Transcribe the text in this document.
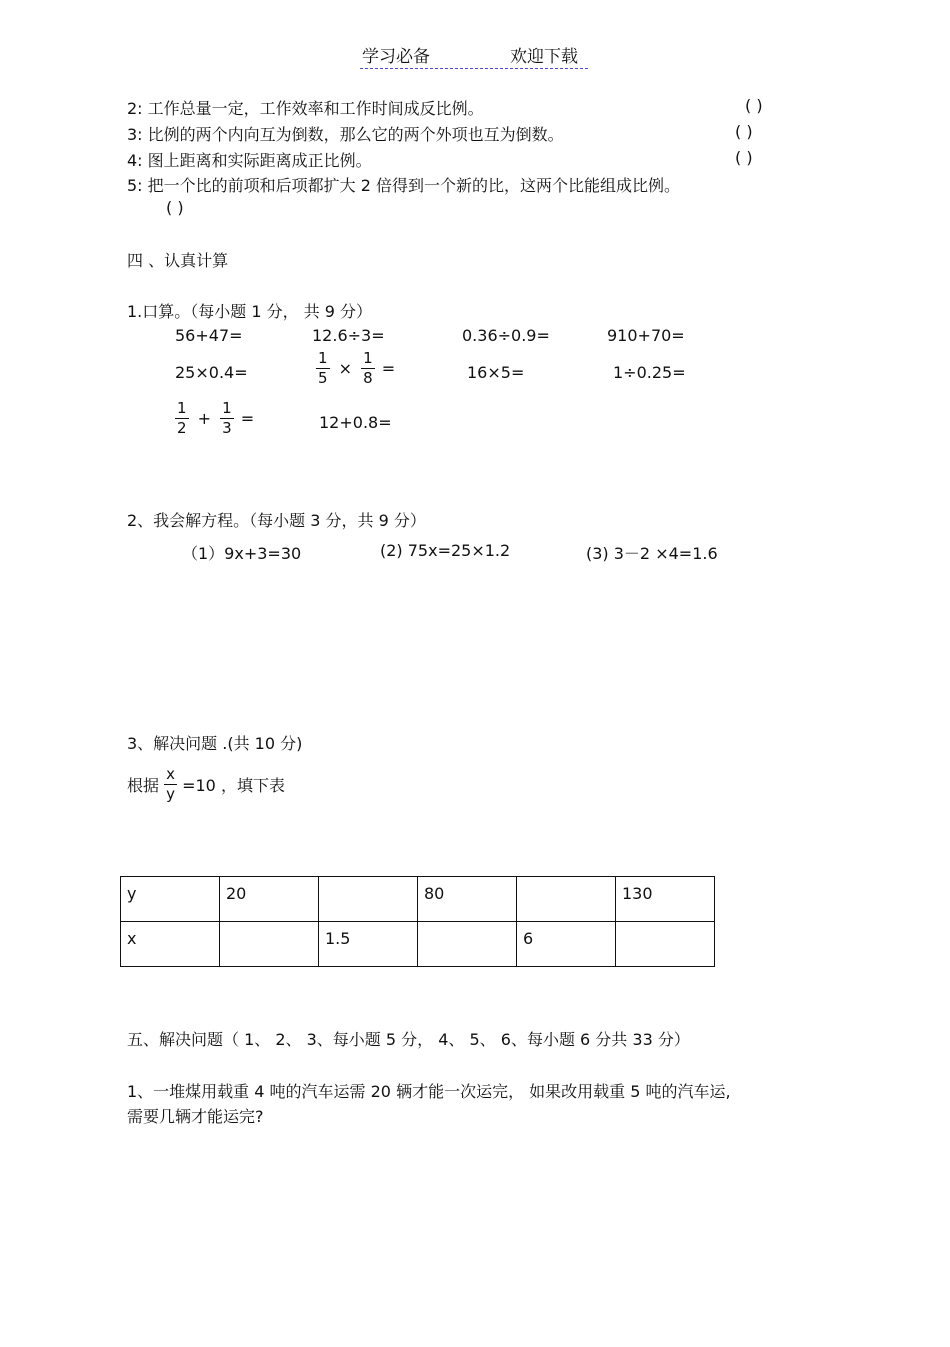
学习必备	欢迎下载
2: 工作总量一定，工作效率和工作时间成反比例。	( )
3: 比例的两个内向互为倒数，那么它的两个外项也互为倒数。	( )
4: 图上距离和实际距离成正比例。	( )
5: 把一个比的前项和后项都扩大 2 倍得到一个新的比，这两个比能组成比例。
( )
四 、认真计算
1.口算。（每小题 1 分， 共 9 分）
56+47=	12.6÷3=	0.36÷0.9=	910+70=
25×0.4=	$\frac{1}{5} \times \frac{1}{8}$ =	16×5=	1÷0.25=
$\frac{1}{2} + \frac{1}{3}$ =	12+0.8=
2、我会解方程。（每小题 3 分，共 9 分）
（1）9x+3=30	(2) 75x=25×1.2	(3) 3－2 ×4=1.6
3、解决问题 .(共 10 分)
根据 $\frac{x}{y} =10$ ，填下表
y	20		80		130
x		1.5		6	
五、解决问题（ 1、 2、 3、每小题 5 分， 4、 5、 6、每小题 6 分共 33 分）
1、一堆煤用载重 4 吨的汽车运需 20 辆才能一次运完， 如果改用载重 5 吨的汽车运,
需要几辆才能运完?
